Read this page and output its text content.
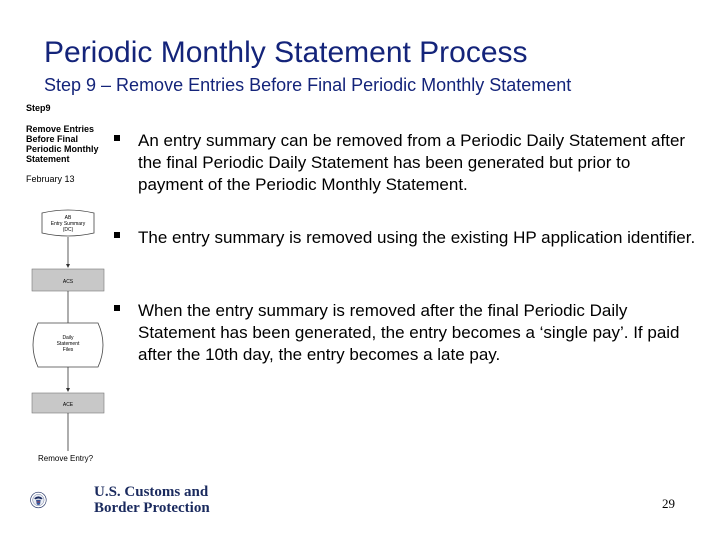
Periodic Monthly Statement Process
Step 9 – Remove Entries Before Final Periodic Monthly Statement
Step9
Remove Entries
Before Final
Periodic Monthly
Statement
February 13
AB
Entry Summary
(DC)
ACS
Daily
Statement
Files
ACE
Remove Entry?
An entry summary can be removed from a Periodic Daily Statement after the final Periodic Daily Statement has been generated but prior to payment of the Periodic Monthly Statement.
The entry summary is removed using the existing HP application identifier.
When the entry summary is removed after the final Periodic Daily Statement has been generated, the entry becomes a ‘single pay’. If paid after the 10th day, the entry becomes a late pay.
U.S. Customs and
Border Protection	29
